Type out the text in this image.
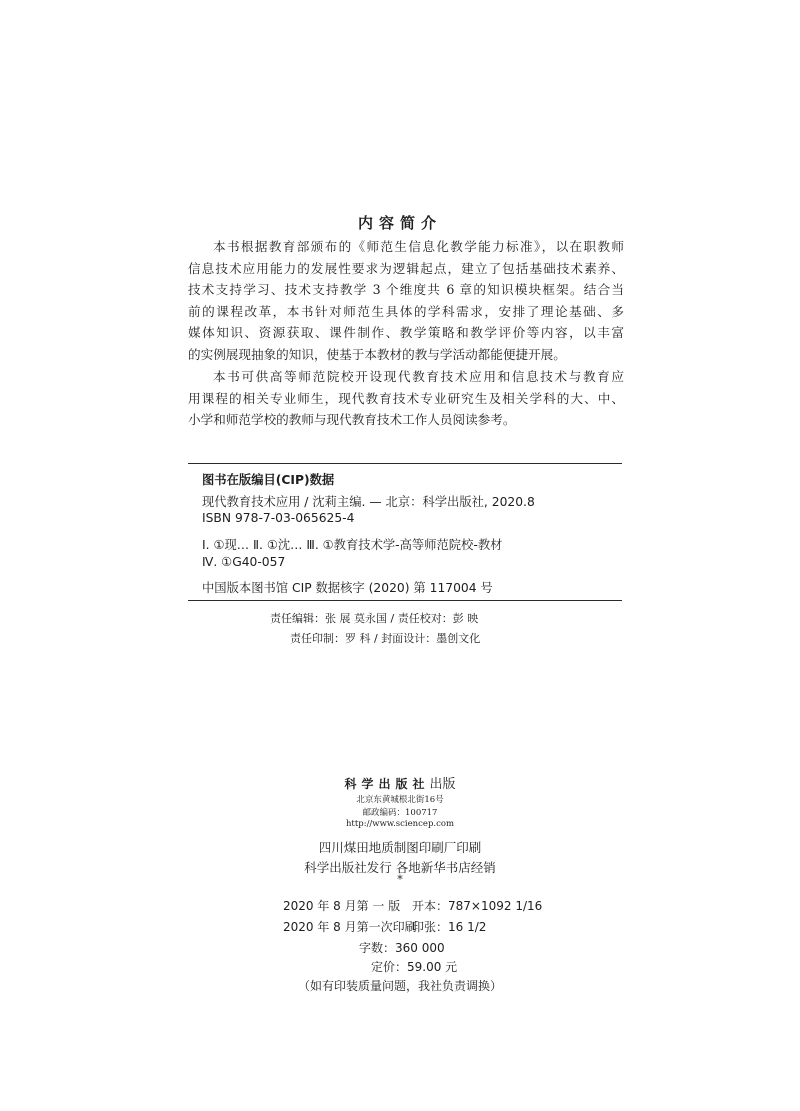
内容简介
本书根据教育部颁布的《师范生信息化教学能力标准》，以在职教师
信息技术应用能力的发展性要求为逻辑起点，建立了包括基础技术素养、
技术支持学习、技术支持教学 3 个维度共 6 章的知识模块框架。结合当
前的课程改革，本书针对师范生具体的学科需求，安排了理论基础、多
媒体知识、资源获取、课件制作、教学策略和教学评价等内容，以丰富
的实例展现抽象的知识，使基于本教材的教与学活动都能便捷开展。
本书可供高等师范院校开设现代教育技术应用和信息技术与教育应
用课程的相关专业师生，现代教育技术专业研究生及相关学科的大、中、
小学和师范学校的教师与现代教育技术工作人员阅读参考。
图书在版编目(CIP)数据
现代教育技术应用 / 沈莉主编. — 北京：科学出版社, 2020.8
ISBN 978-7-03-065625-4
Ⅰ. ①现… Ⅱ. ①沈… Ⅲ. ①教育技术学-高等师范院校-教材
Ⅳ. ①G40-057
中国版本图书馆 CIP 数据核字 (2020) 第 117004 号
责任编辑：张 展 莫永国 / 责任校对：彭 映
责任印制：罗 科 / 封面设计：墨创文化
科学出版社出版
北京东黄城根北街16号
邮政编码：100717
http://www.sciencep.com
四川煤田地质制图印刷厂印刷
科学出版社发行 各地新华书店经销
*
2020 年 8 月第 一 版 开本：787×1092 1/16
2020 年 8 月第一次印刷
印张：16 1/2
字数：360 000
定价：59.00 元
（如有印装质量问题，我社负责调换）
